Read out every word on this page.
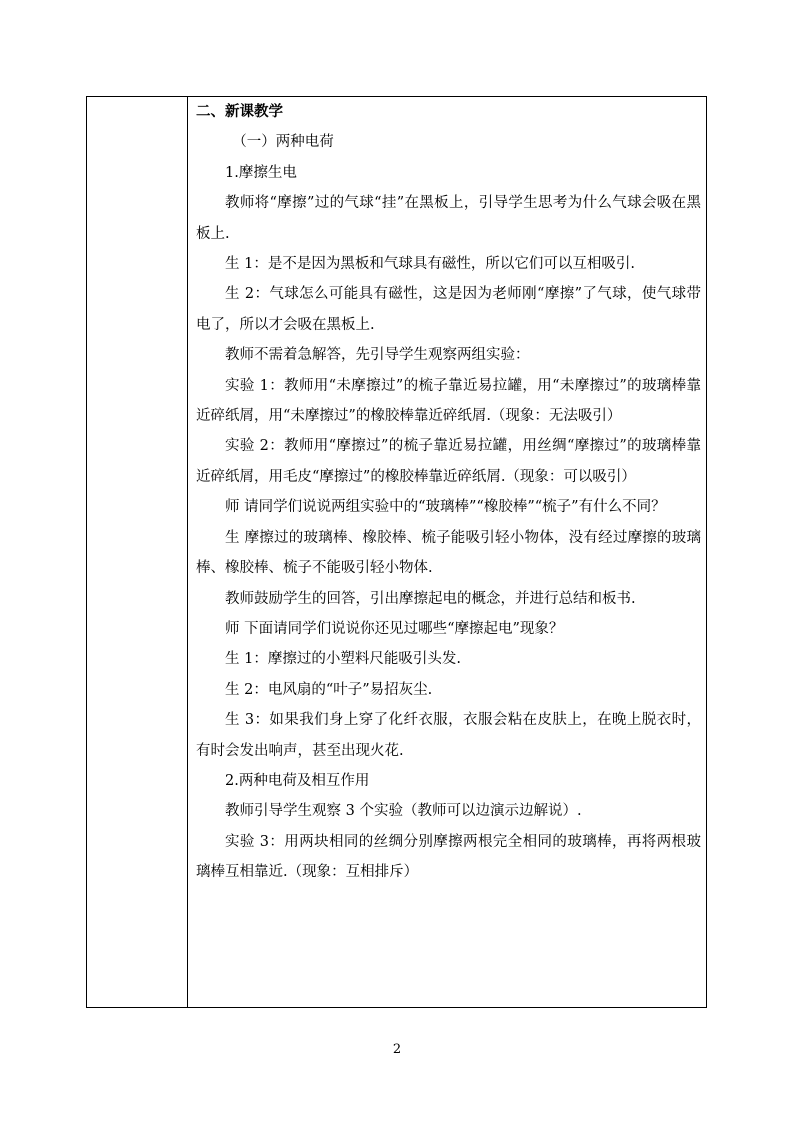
二、新课教学

（一）两种电荷

1.摩擦生电

教师将“摩擦”过的气球“挂”在黑板上，引导学生思考为什么气球会吸在黑板上.

生 1：是不是因为黑板和气球具有磁性，所以它们可以互相吸引.

生 2：气球怎么可能具有磁性，这是因为老师刚“摩擦”了气球，使气球带电了，所以才会吸在黑板上.

教师不需着急解答，先引导学生观察两组实验：

实验 1：教师用“未摩擦过”的梳子靠近易拉罐，用“未摩擦过”的玻璃棒靠近碎纸屑，用“未摩擦过”的橡胶棒靠近碎纸屑.（现象：无法吸引）

实验 2：教师用“摩擦过”的梳子靠近易拉罐，用丝绸“摩擦过”的玻璃棒靠近碎纸屑，用毛皮“摩擦过”的橡胶棒靠近碎纸屑.（现象：可以吸引）

师 请同学们说说两组实验中的“玻璃棒”“橡胶棒”“梳子”有什么不同？

生 摩擦过的玻璃棒、橡胶棒、梳子能吸引轻小物体，没有经过摩擦的玻璃棒、橡胶棒、梳子不能吸引轻小物体.

教师鼓励学生的回答，引出摩擦起电的概念，并进行总结和板书.

师 下面请同学们说说你还见过哪些“摩擦起电”现象？

生 1：摩擦过的小塑料尺能吸引头发.

生 2：电风扇的“叶子”易招灰尘.

生 3：如果我们身上穿了化纤衣服，衣服会粘在皮肤上，在晚上脱衣时，有时会发出响声，甚至出现火花.

2.两种电荷及相互作用

教师引导学生观察 3 个实验（教师可以边演示边解说）.

实验 3：用两块相同的丝绸分别摩擦两根完全相同的玻璃棒，再将两根玻璃棒互相靠近.（现象：互相排斥）

2
